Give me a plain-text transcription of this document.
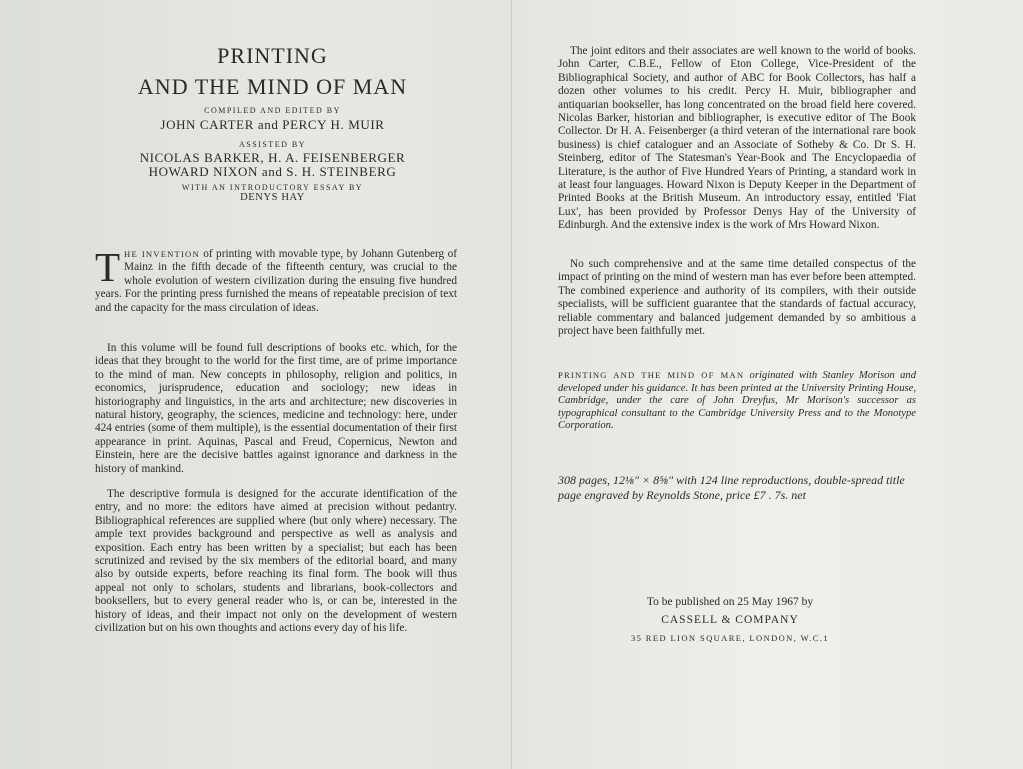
PRINTING
AND THE MIND OF MAN
COMPILED AND EDITED BY
JOHN CARTER and PERCY H. MUIR
ASSISTED BY
NICOLAS BARKER, H. A. FEISENBERGER
HOWARD NIXON and S. H. STEINBERG
WITH AN INTRODUCTORY ESSAY BY
DENYS HAY
THE INVENTION of printing with movable type, by Johann Gutenberg of Mainz in the fifth decade of the fifteenth century, was crucial to the whole evolution of western civilization during the ensuing five hundred years. For the printing press furnished the means of repeatable precision of text and the capacity for the mass circulation of ideas.

In this volume will be found full descriptions of books etc. which, for the ideas that they brought to the world for the first time, are of prime importance to the mind of man. New concepts in philosophy, religion and politics, in economics, jurisprudence, education and sociology; new ideas in historiography and linguistics, in the arts and architecture; new discoveries in natural history, geography, the sciences, medicine and technology: here, under 424 entries (some of them multiple), is the essential documentation of their first appearance in print. Aquinas, Pascal and Freud, Copernicus, Newton and Einstein, here are the decisive battles against ignorance and darkness in the history of mankind.

The descriptive formula is designed for the accurate identification of the entry, and no more: the editors have aimed at precision without pedantry. Bibliographical references are supplied where (but only where) necessary. The ample text provides background and perspective as well as analysis and exposition. Each entry has been written by a specialist; but each has been scrutinized and revised by the six members of the editorial board, and many also by outside experts, before reaching its final form. The book will thus appeal not only to scholars, students and librarians, book-collectors and booksellers, but to every general reader who is, or can be, interested in the history of ideas, and their impact not only on the development of western civilization but on his own thoughts and actions every day of his life.

The joint editors and their associates are well known to the world of books. John Carter, C.B.E., Fellow of Eton College, Vice-President of the Bibliographical Society, and author of ABC for Book Collectors, has half a dozen other volumes to his credit. Percy H. Muir, bibliographer and antiquarian bookseller, has long concentrated on the broad field here covered. Nicolas Barker, historian and bibliographer, is executive editor of The Book Collector. Dr H. A. Feisenberger (a third veteran of the international rare book business) is chief cataloguer and an Associate of Sotheby & Co. Dr S. H. Steinberg, editor of The Statesman's Year-Book and The Encyclopaedia of Literature, is the author of Five Hundred Years of Printing, a standard work in at least four languages. Howard Nixon is Deputy Keeper in the Department of Printed Books at the British Museum. An introductory essay, entitled 'Fiat Lux', has been provided by Professor Denys Hay of the University of Edinburgh. And the extensive index is the work of Mrs Howard Nixon.

No such comprehensive and at the same time detailed conspectus of the impact of printing on the mind of western man has ever before been attempted. The combined experience and authority of its compilers, with their outside specialists, will be sufficient guarantee that the standards of factual accuracy, reliable commentary and balanced judgement demanded by so ambitious a project have been faithfully met.

PRINTING AND THE MIND OF MAN originated with Stanley Morison and developed under his guidance. It has been printed at the University Printing House, Cambridge, under the care of John Dreyfus, Mr Morison's successor as typographical consultant to the Cambridge University Press and to the Monotype Corporation.
308 pages, 12⅛″ × 8⅝″ with 124 line reproductions, double-spread title page engraved by Reynolds Stone, price £7 . 7s. net
To be published on 25 May 1967 by
CASSELL & COMPANY
35 RED LION SQUARE, LONDON, W.C.1
